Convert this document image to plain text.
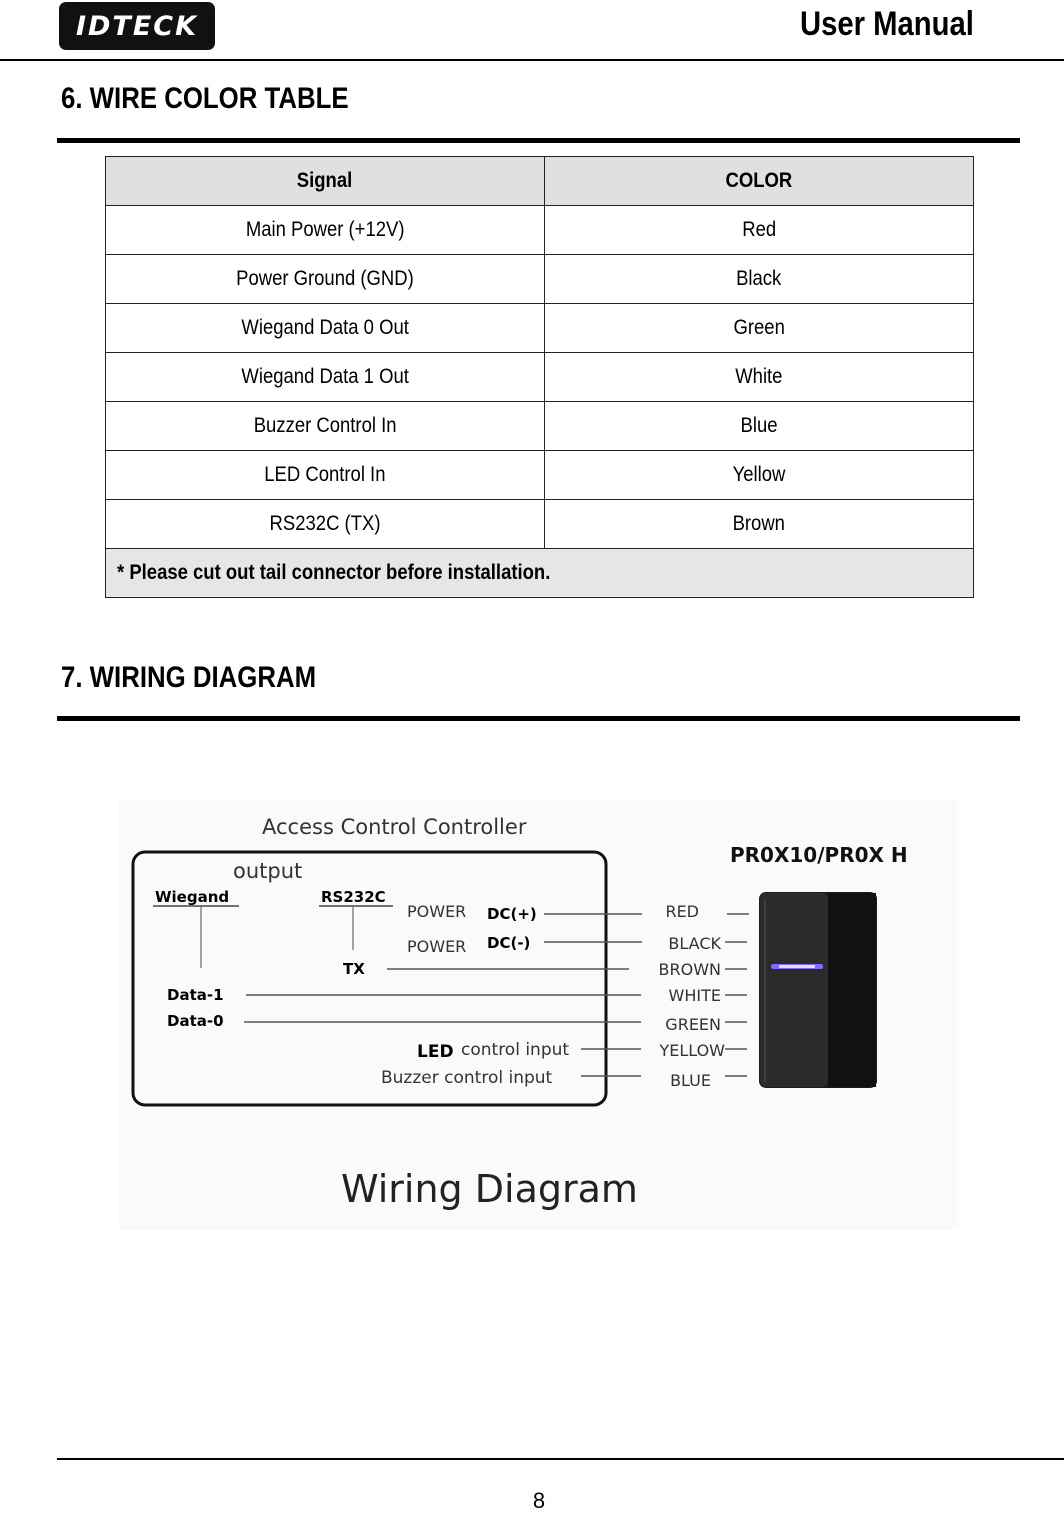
IDTECK	User Manual
6. WIRE COLOR TABLE
Signal	COLOR
Main Power (+12V)	Red
Power Ground (GND)	Black
Wiegand Data 0 Out	Green
Wiegand Data 1 Out	White
Buzzer Control In	Blue
LED Control In	Yellow
RS232C (TX)	Brown
* Please cut out tail connector before installation.	
7. WIRING DIAGRAM
Access Control Controller
output
Wiegand	RS232C
POWER DC(+)
POWER DC(-)
TX
Data-1
Data-0
LED control input
Buzzer control input
RED
BLACK
BROWN
WHITE
GREEN
YELLOW
BLUE
PR0X10/PR0X H
Wiring Diagram
8
